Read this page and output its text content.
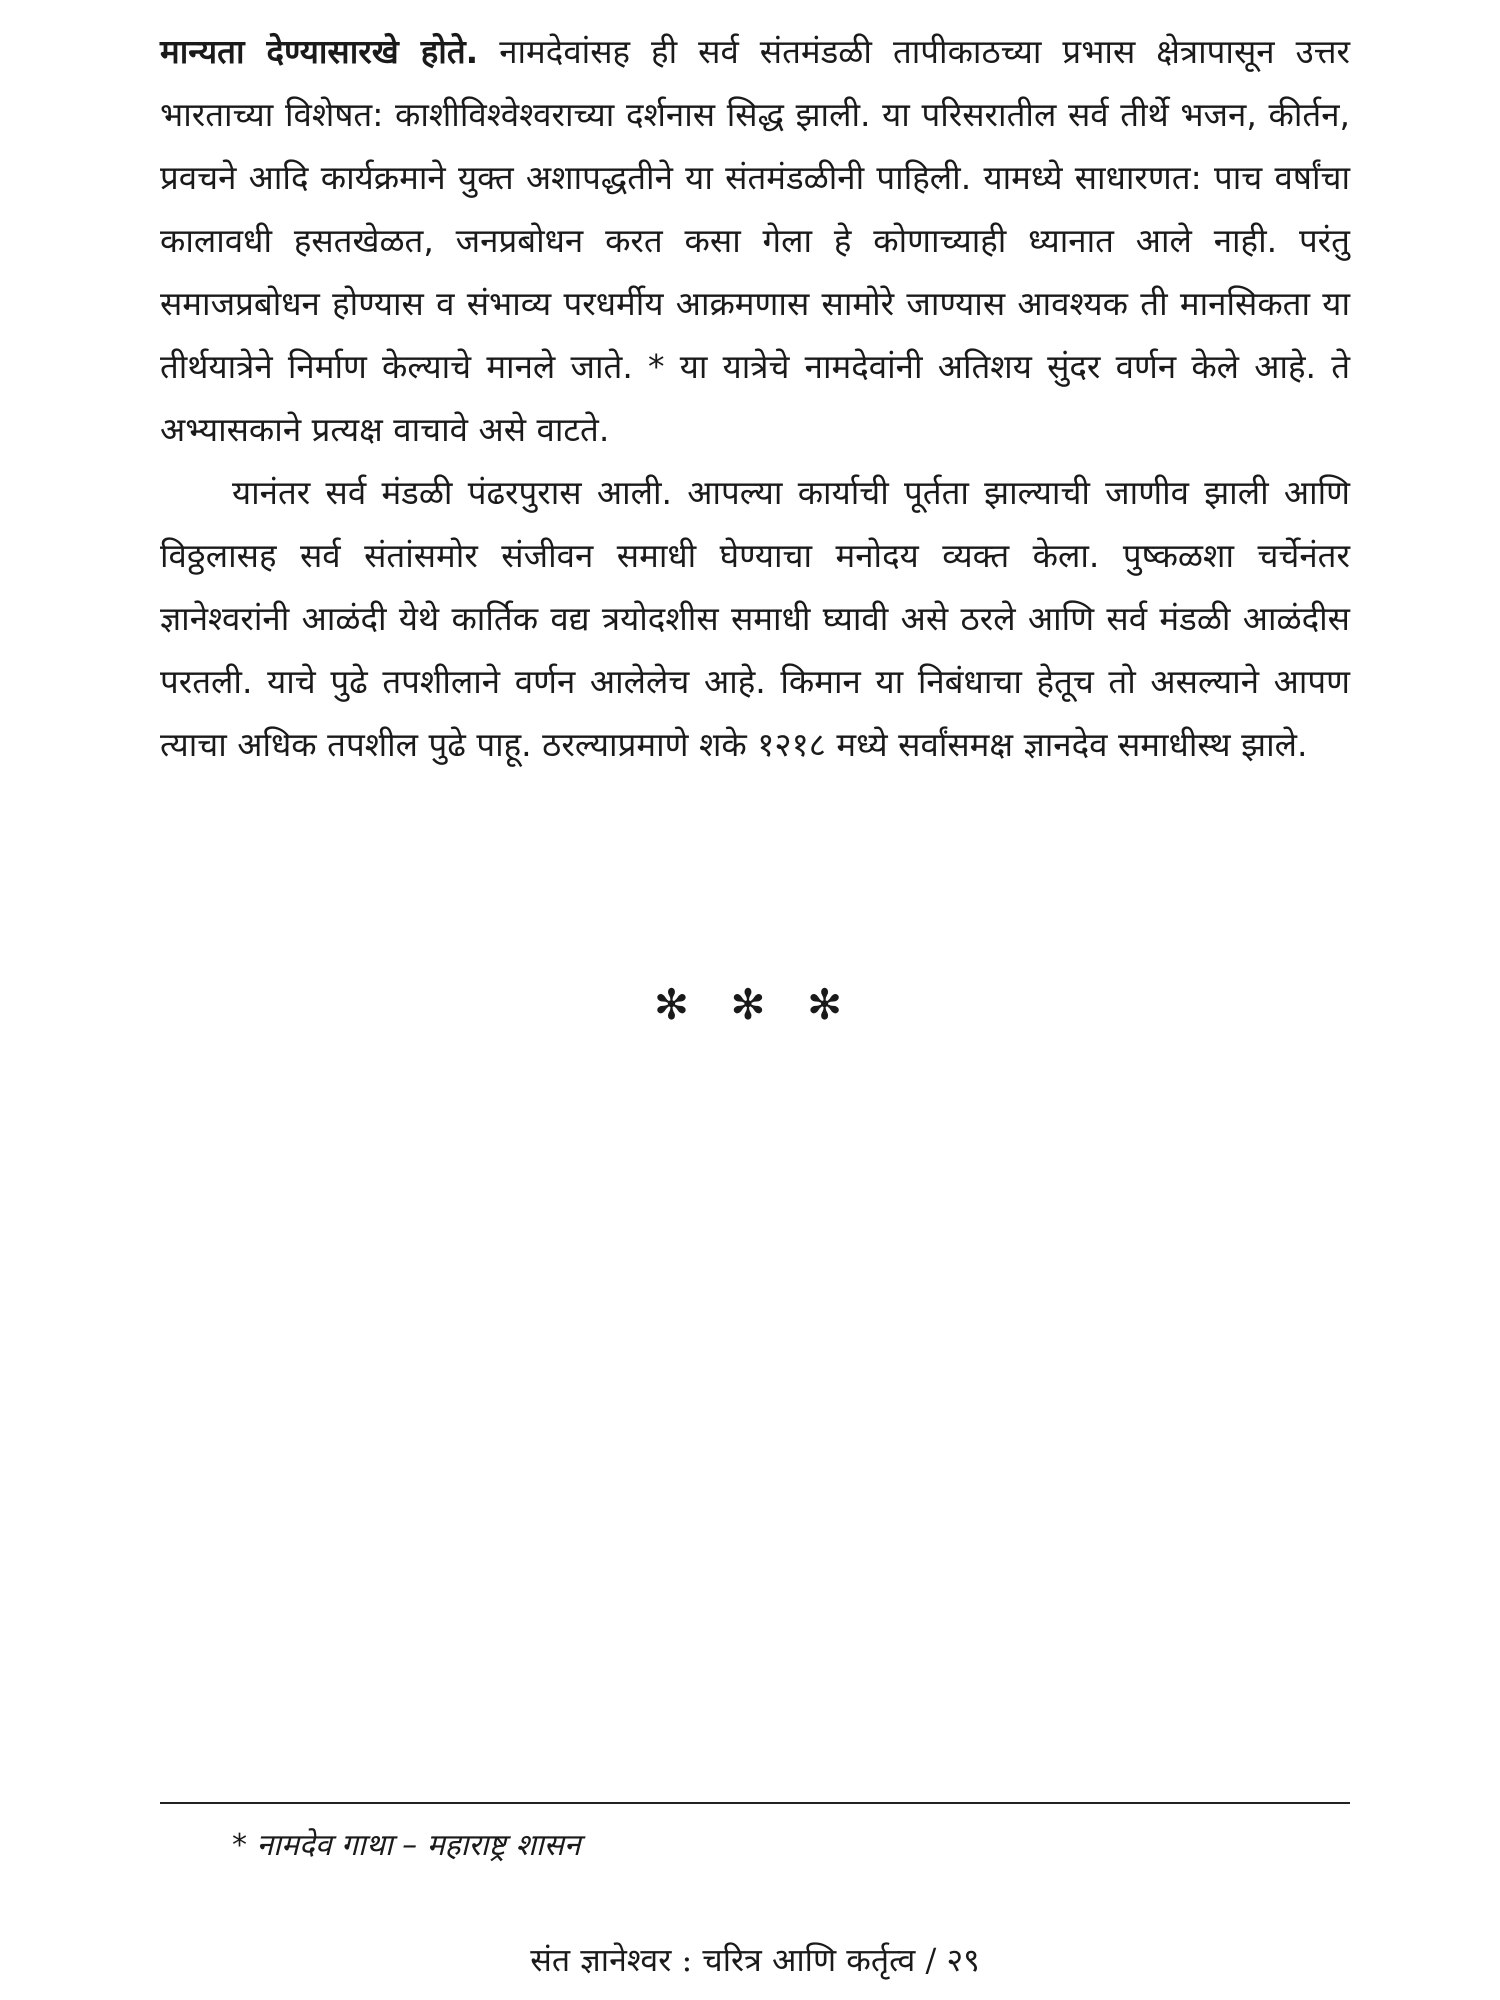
मान्यता देण्यासारखे होते. नामदेवांसह ही सर्व संतमंडळी तापीकाठच्या प्रभास क्षेत्रापासून उत्तर भारताच्या विशेषत: काशीविश्वेश्वराच्या दर्शनास सिद्ध झाली. या परिसरातील सर्व तीर्थे भजन, कीर्तन, प्रवचने आदि कार्यक्रमाने युक्त अशापद्धतीने या संतमंडळीनी पाहिली. यामध्ये साधारणत: पाच वर्षांचा कालावधी हसतखेळत, जनप्रबोधन करत कसा गेला हे कोणाच्याही ध्यानात आले नाही. परंतु समाजप्रबोधन होण्यास व संभाव्य परधर्मीय आक्रमणास सामोरे जाण्यास आवश्यक ती मानसिकता या तीर्थयात्रेने निर्माण केल्याचे मानले जाते. * या यात्रेचे नामदेवांनी अतिशय सुंदर वर्णन केले आहे. ते अभ्यासकाने प्रत्यक्ष वाचावे असे वाटते.

यानंतर सर्व मंडळी पंढरपुरास आली. आपल्या कार्याची पूर्तता झाल्याची जाणीव झाली आणि विठ्ठलासह सर्व संतांसमोर संजीवन समाधी घेण्याचा मनोदय व्यक्त केला. पुष्कळशा चर्चेनंतर ज्ञानेश्वरांनी आळंदी येथे कार्तिक वद्य त्रयोदशीस समाधी घ्यावी असे ठरले आणि सर्व मंडळी आळंदीस परतली. याचे पुढे तपशीलाने वर्णन आलेलेच आहे. किमान या निबंधाचा हेतूच तो असल्याने आपण त्याचा अधिक तपशील पुढे पाहू. ठरल्याप्रमाणे शके १२१८ मध्ये सर्वांसमक्ष ज्ञानदेव समाधीस्थ झाले.

✻ ✻ ✻
* नामदेव गाथा – महाराष्ट्र शासन
संत ज्ञानेश्वर : चरित्र आणि कर्तृत्व / २९
